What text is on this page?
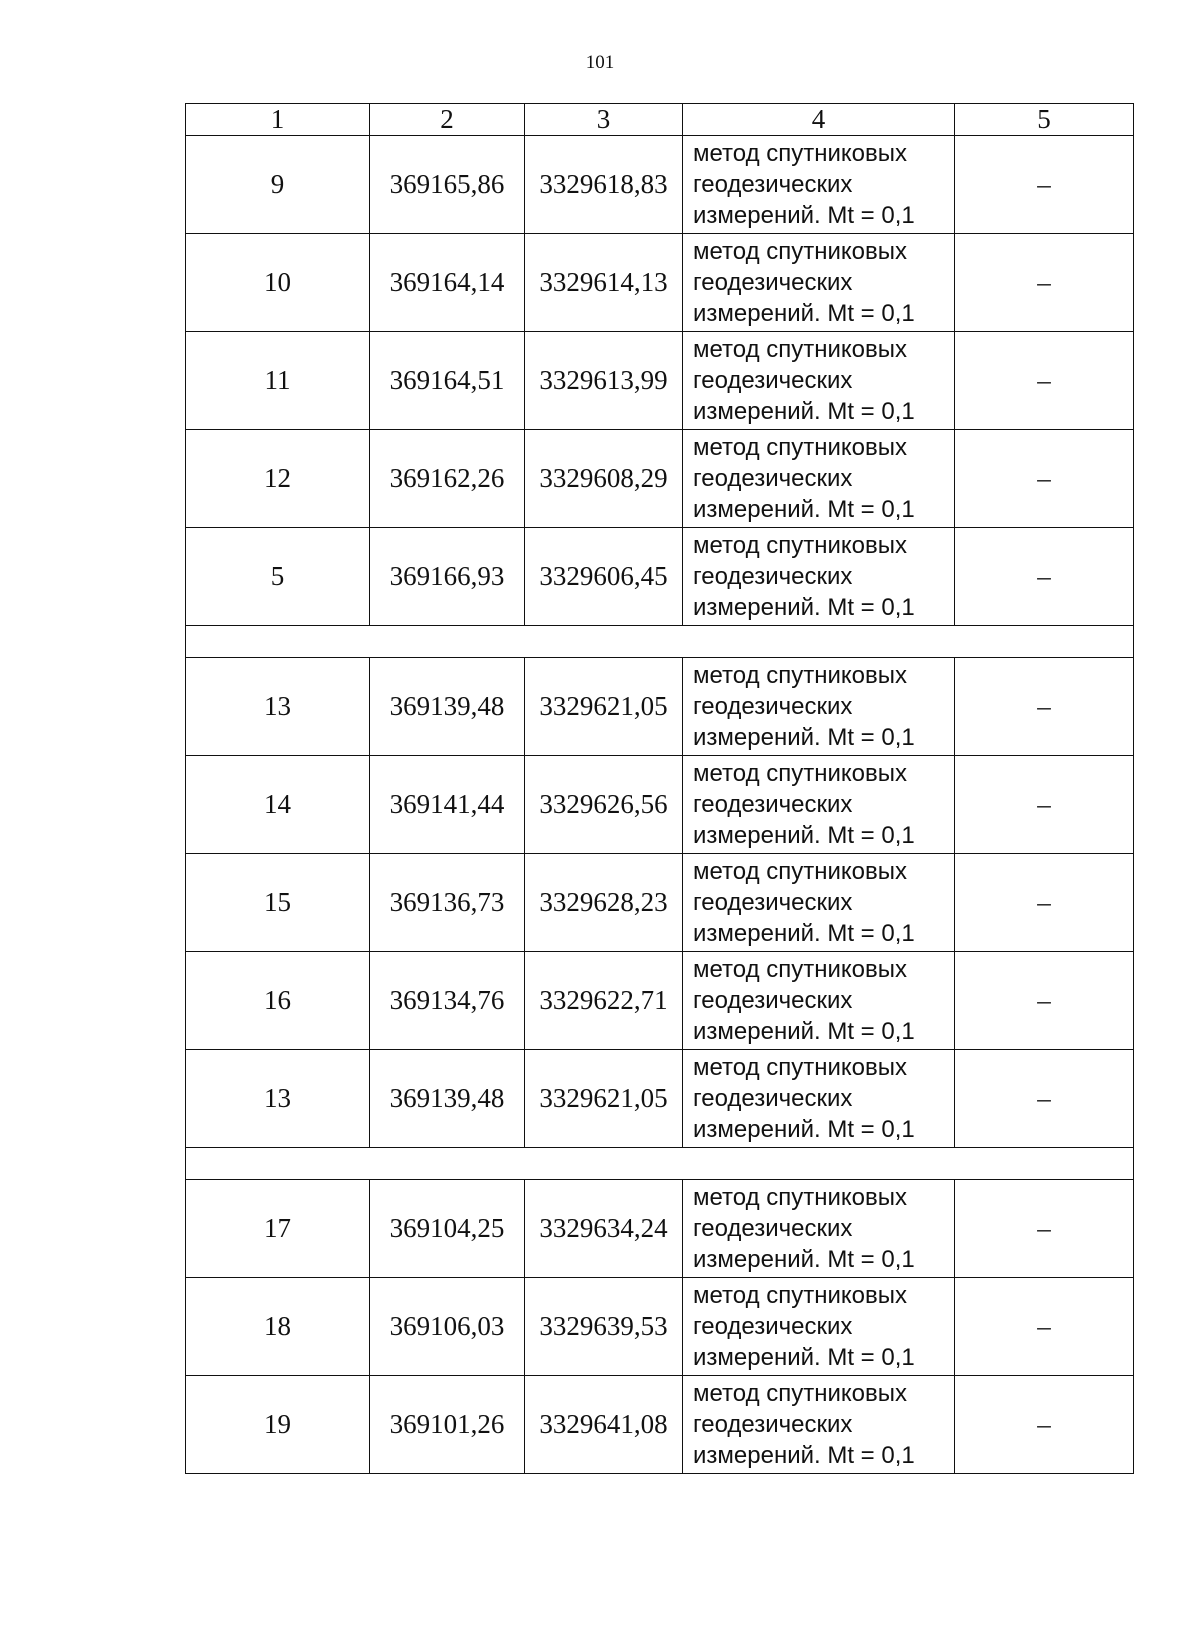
101
1	2	3	4	5
9	369165,86	3329618,83	метод спутниковых
геодезических
измерений. Mt = 0,1	–
10	369164,14	3329614,13	метод спутниковых
геодезических
измерений. Mt = 0,1	–
11	369164,51	3329613,99	метод спутниковых
геодезических
измерений. Mt = 0,1	–
12	369162,26	3329608,29	метод спутниковых
геодезических
измерений. Mt = 0,1	–
5	369166,93	3329606,45	метод спутниковых
геодезических
измерений. Mt = 0,1	–

13	369139,48	3329621,05	метод спутниковых
геодезических
измерений. Mt = 0,1	–
14	369141,44	3329626,56	метод спутниковых
геодезических
измерений. Mt = 0,1	–
15	369136,73	3329628,23	метод спутниковых
геодезических
измерений. Mt = 0,1	–
16	369134,76	3329622,71	метод спутниковых
геодезических
измерений. Mt = 0,1	–
13	369139,48	3329621,05	метод спутниковых
геодезических
измерений. Mt = 0,1	–

17	369104,25	3329634,24	метод спутниковых
геодезических
измерений. Mt = 0,1	–
18	369106,03	3329639,53	метод спутниковых
геодезических
измерений. Mt = 0,1	–
19	369101,26	3329641,08	метод спутниковых
геодезических
измерений. Mt = 0,1	–
